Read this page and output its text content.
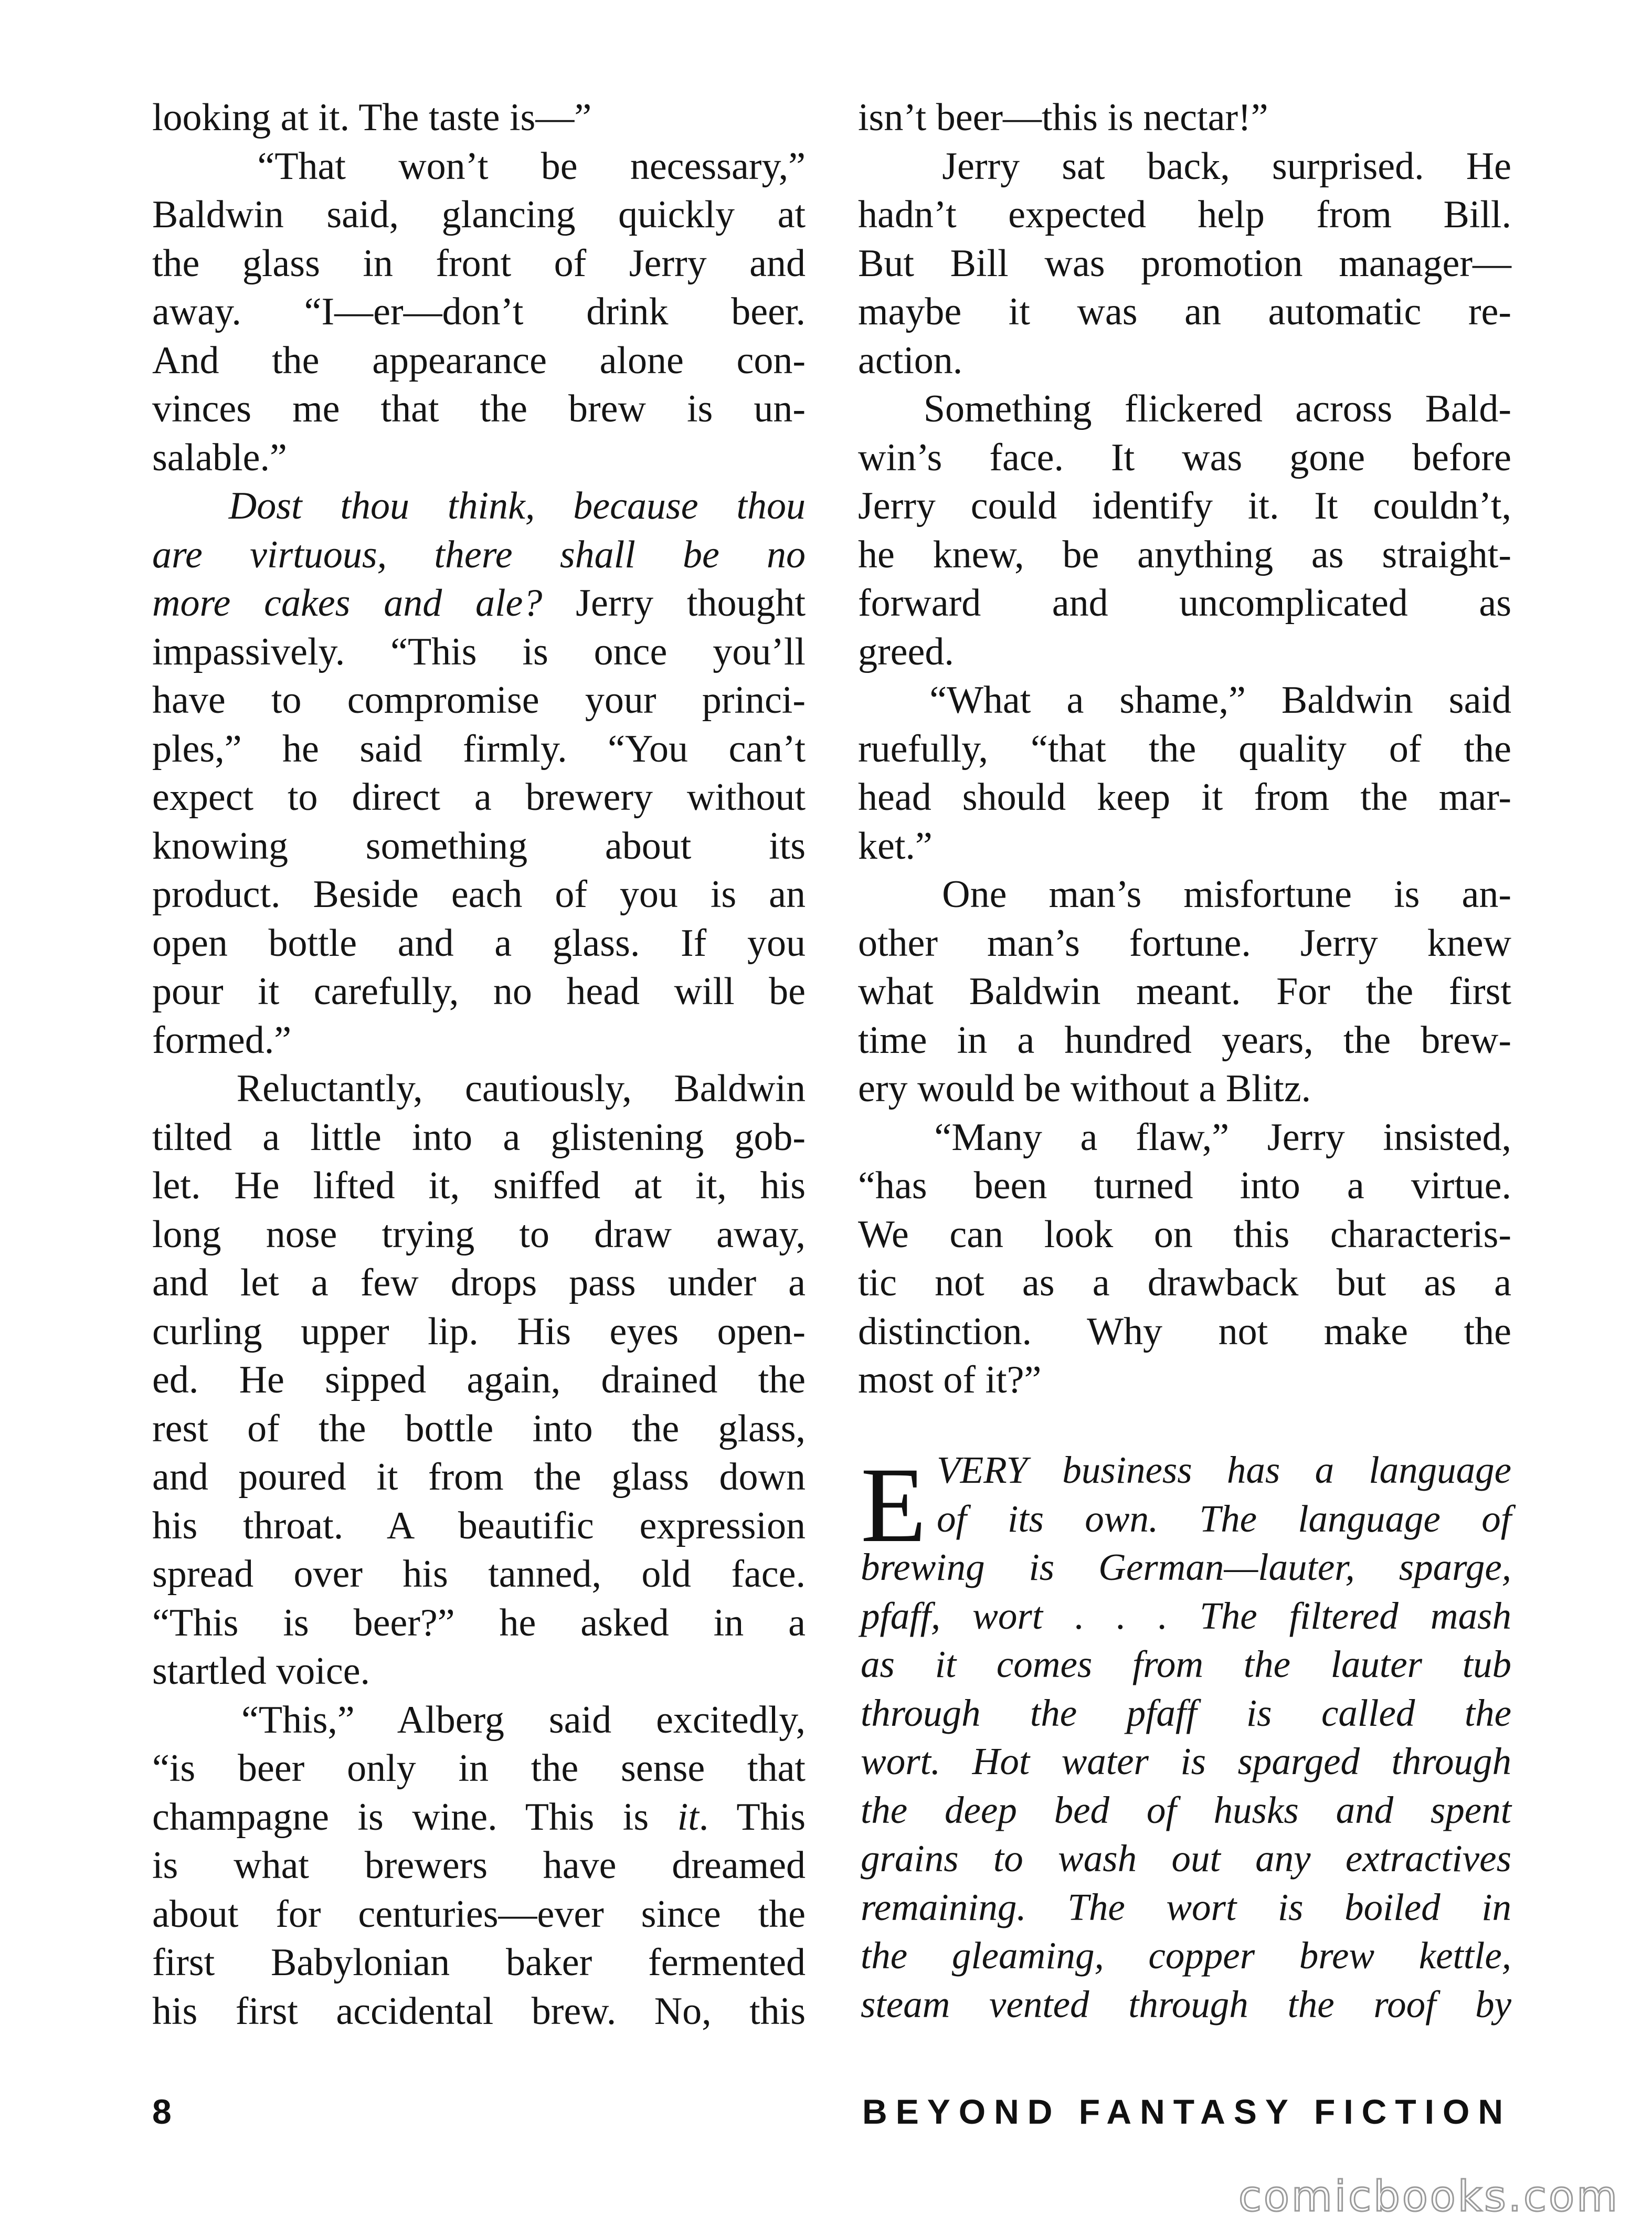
looking at it. The taste is—”
“That won’t be necessary,”
Baldwin said, glancing quickly at
the glass in front of Jerry and
away. “I—er—don’t drink beer.
And the appearance alone con-
vinces me that the brew is un-
salable.”
Dost thou think, because thou
are virtuous, there shall be no
more cakes and ale? Jerry thought
impassively. “This is once you’ll
have to compromise your princi-
ples,” he said firmly. “You can’t
expect to direct a brewery without
knowing something about its
product. Beside each of you is an
open bottle and a glass. If you
pour it carefully, no head will be
formed.”
Reluctantly, cautiously, Baldwin
tilted a little into a glistening gob-
let. He lifted it, sniffed at it, his
long nose trying to draw away,
and let a few drops pass under a
curling upper lip. His eyes open-
ed. He sipped again, drained the
rest of the bottle into the glass,
and poured it from the glass down
his throat. A beautific expression
spread over his tanned, old face.
“This is beer?” he asked in a
startled voice.
“This,” Alberg said excitedly,
“is beer only in the sense that
champagne is wine. This is it. This
is what brewers have dreamed
about for centuries—ever since the
first Babylonian baker fermented
his first accidental brew. No, this
isn’t beer—this is nectar!”
Jerry sat back, surprised. He
hadn’t expected help from Bill.
But Bill was promotion manager—
maybe it was an automatic re-
action.
Something flickered across Bald-
win’s face. It was gone before
Jerry could identify it. It couldn’t,
he knew, be anything as straight-
forward and uncomplicated as
greed.
“What a shame,” Baldwin said
ruefully, “that the quality of the
head should keep it from the mar-
ket.”
One man’s misfortune is an-
other man’s fortune. Jerry knew
what Baldwin meant. For the first
time in a hundred years, the brew-
ery would be without a Blitz.
“Many a flaw,” Jerry insisted,
“has been turned into a virtue.
We can look on this characteris-
tic not as a drawback but as a
distinction. Why not make the
most of it?”
E VERY business has a language
of its own. The language of
brewing is German—lauter, sparge,
pfaff, wort . . . The filtered mash
as it comes from the lauter tub
through the pfaff is called the
wort. Hot water is sparged through
the deep bed of husks and spent
grains to wash out any extractives
remaining. The wort is boiled in
the gleaming, copper brew kettle,
steam vented through the roof by
8	BEYOND FANTASY FICTION
comicbooks.com
